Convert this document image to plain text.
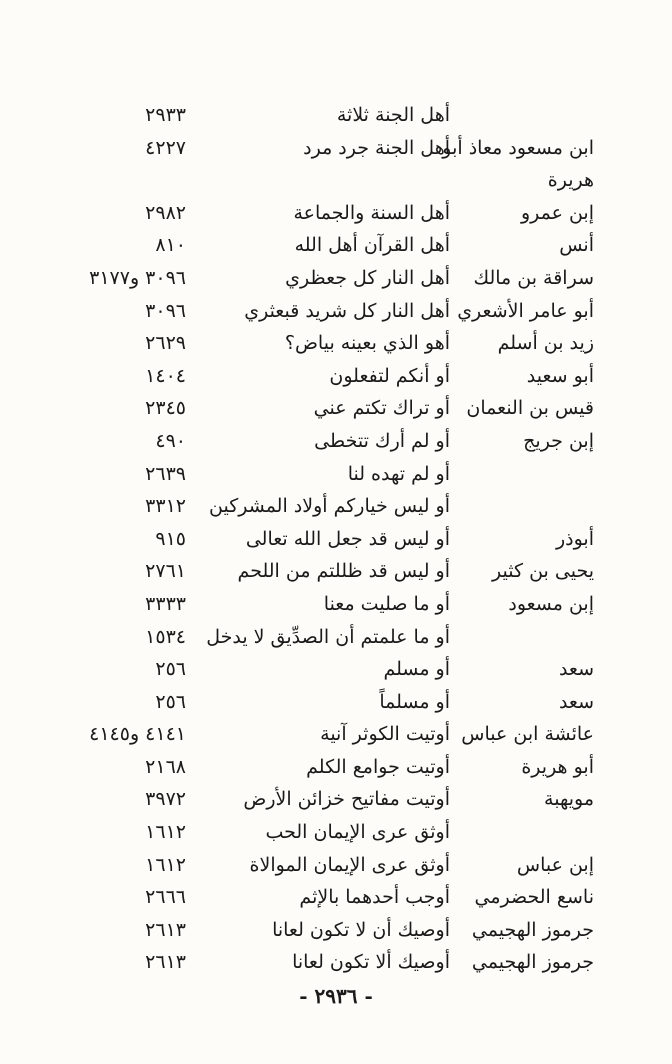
أهل الجنة ثلاثة
٢٩٣٣
ابن مسعود معاذ أبو
أهل الجنة جرد مرد
٤٢٢٧
هريرة
إبن عمرو
أهل السنة والجماعة
٢٩٨٢
أنس
أهل القرآن أهل الله
٨١٠
سراقة بن مالك
أهل النار كل جعظري
٣٠٩٦ و٣١٧٧
أبو عامر الأشعري
أهل النار كل شريد قبعثري
٣٠٩٦
زيد بن أسلم
أهو الذي بعينه بياض؟
٢٦٢٩
أبو سعيد
أو أنكم لتفعلون
١٤٠٤
قيس بن النعمان
أو تراك تكتم عني
٢٣٤٥
إبن جريج
أو لم أرك تتخطى
٤٩٠
أو لم تهده لنا
٢٦٣٩
أو ليس خياركم أولاد المشركين
٣٣١٢
أبوذر
أو ليس قد جعل الله تعالى
٩١٥
يحيى بن كثير
أو ليس قد ظللتم من اللحم
٢٧٦١
إبن مسعود
أو ما صليت معنا
٣٣٣٣
أو ما علمتم أن الصدِّيق لا يدخل
١٥٣٤
سعد
أو مسلم
٢٥٦
سعد
أو مسلماً
٢٥٦
عائشة ابن عباس
أوتيت الكوثر آنية
٤١٤١ و٤١٤٥
أبو هريرة
أوتيت جوامع الكلم
٢١٦٨
مويهبة
أوتيت مفاتيح خزائن الأرض
٣٩٧٢
أوثق عرى الإيمان الحب
١٦١٢
إبن عباس
أوثق عرى الإيمان الموالاة
١٦١٢
ناسع الحضرمي
أوجب أحدهما بالإثم
٢٦٦٦
جرموز الهجيمي
أوصيك أن لا تكون لعانا
٢٦١٣
جرموز الهجيمي
أوصيك ألا تكون لعانا
٢٦١٣
- ٢٩٣٦ -
